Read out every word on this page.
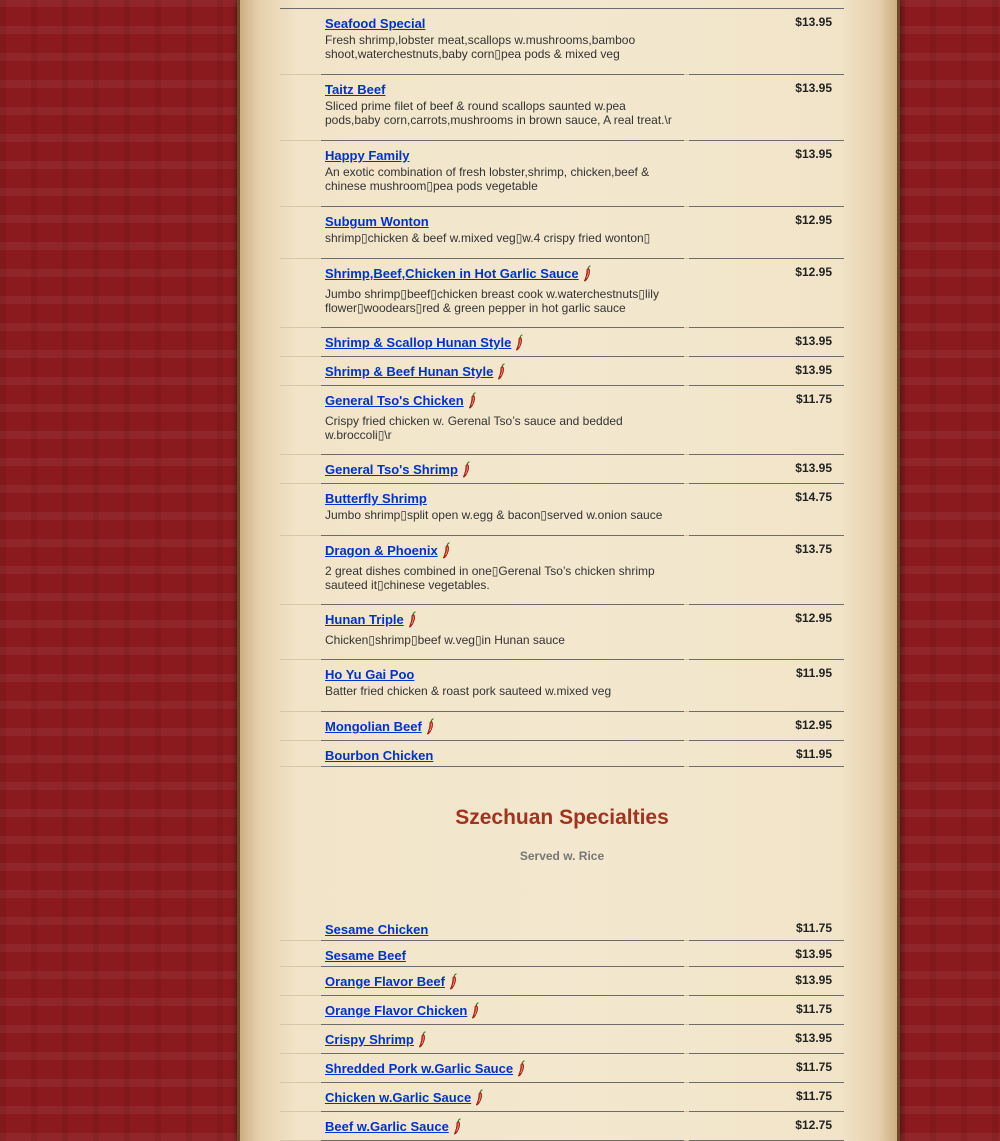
Seafood Special
Fresh shrimp,lobster meat,scallops w.mushrooms,bamboo shoot,waterchestnuts,baby corn▯pea pods & mixed veg
$13.95
Taitz Beef
Sliced prime filet of beef & round scallops saunted w.pea pods,baby corn,carrots,mushrooms in brown sauce, A real treat.\r
$13.95
Happy Family
An exotic combination of fresh lobster,shrimp, chicken,beef & chinese mushroom▯pea pods vegetable
$13.95
Subgum Wonton
shrimp▯chicken & beef w.mixed veg▯w.4 crispy fried wonton▯
$12.95
Shrimp,Beef,Chicken in Hot Garlic Sauce
Jumbo shrimp▯beef▯chicken breast cook w.waterchestnuts▯lily flower▯woodears▯red & green pepper in hot garlic sauce
$12.95
Shrimp & Scallop Hunan Style	$13.95
Shrimp & Beef Hunan Style	$13.95
General Tso's Chicken
Crispy fried chicken w. Gerenal Tso’s sauce and bedded w.broccoli▯\r
$11.75
General Tso's Shrimp	$13.95
Butterfly Shrimp
Jumbo shrimp▯split open w.egg & bacon▯served w.onion sauce
$14.75
Dragon & Phoenix
2 great dishes combined in one▯Gerenal Tso’s chicken shrimp sauteed it▯chinese vegetables.
$13.75
Hunan Triple
Chicken▯shrimp▯beef w.veg▯in Hunan sauce
$12.95
Ho Yu Gai Poo
Batter fried chicken & roast pork sauteed w.mixed veg
$11.95
Mongolian Beef	$12.95
Bourbon Chicken	$11.95
Szechuan Specialties
Served w. Rice
Sesame Chicken	$11.75
Sesame Beef	$13.95
Orange Flavor Beef	$13.95
Orange Flavor Chicken	$11.75
Crispy Shrimp	$13.95
Shredded Pork w.Garlic Sauce	$11.75
Chicken w.Garlic Sauce	$11.75
Beef w.Garlic Sauce	$12.75
